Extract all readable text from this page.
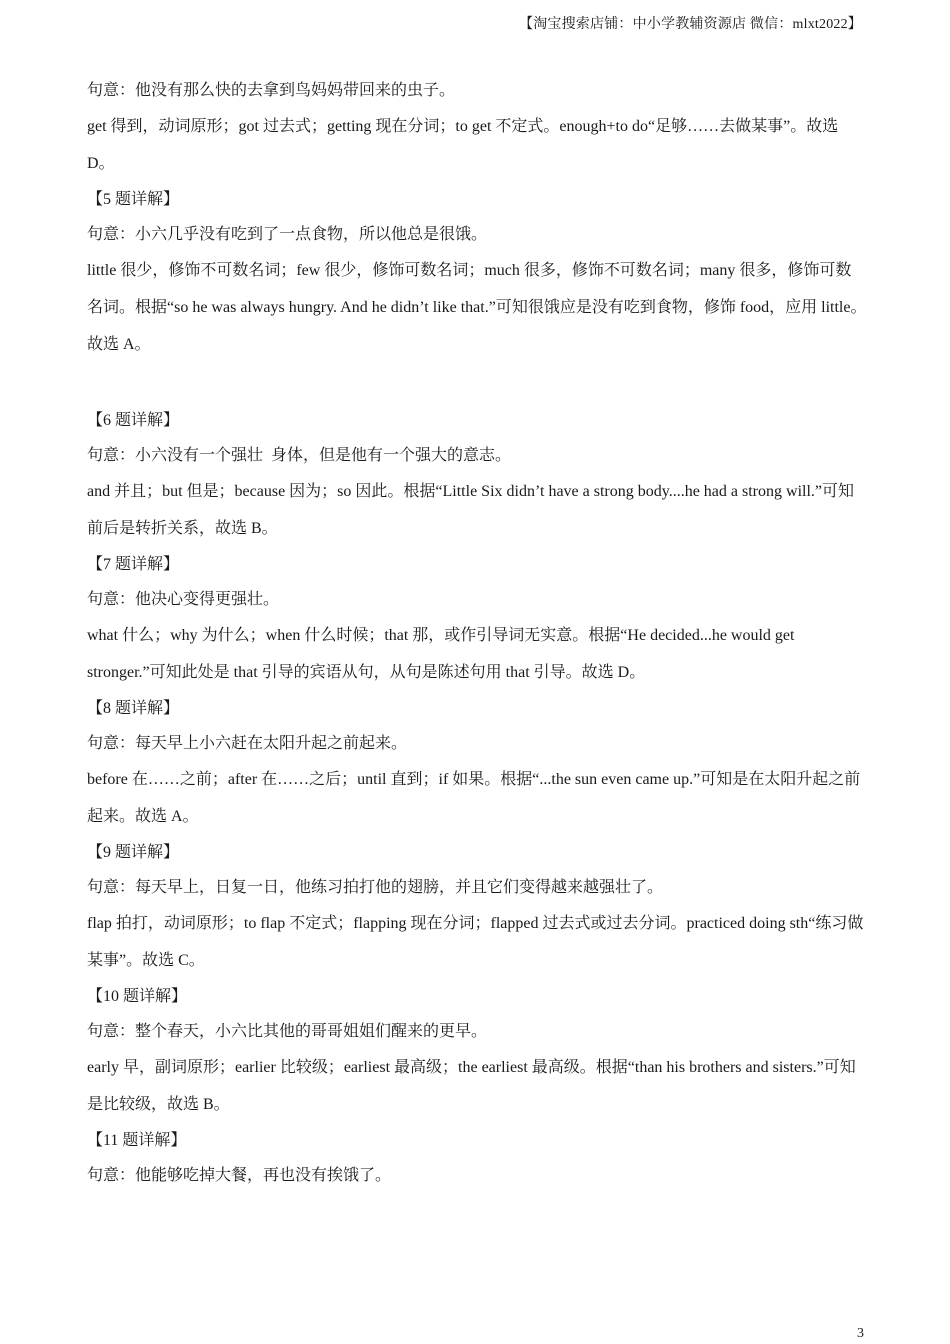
【淘宝搜索店铺：中小学教辅资源店 微信：mlxt2022】

句意：他没有那么快的去拿到鸟妈妈带回来的虫子。

get 得到，动词原形；got 过去式；getting 现在分词；to get 不定式。enough+to do“足够……去做某事”。故选 D。

【5 题详解】

句意：小六几乎没有吃到了一点食物，所以他总是很饿。

little 很少，修饰不可数名词；few 很少，修饰可数名词；much 很多，修饰不可数名词；many 很多，修饰可数名词。根据“so he was always hungry. And he didn’t like that.”可知很饿应是没有吃到食物，修饰 food，应用 little。故选 A。

【6 题详解】

句意：小六没有一个强壮  身体，但是他有一个强大的意志。

and 并且；but 但是；because 因为；so 因此。根据“Little Six didn’t have a strong body....he had a strong will.”可知前后是转折关系，故选 B。

【7 题详解】

句意：他决心变得更强壮。

what 什么；why 为什么；when 什么时候；that 那，或作引导词无实意。根据“He decided...he would get stronger.”可知此处是 that 引导的宾语从句，从句是陈述句用 that 引导。故选 D。

【8 题详解】

句意：每天早上小六赶在太阳升起之前起来。

before 在……之前；after 在……之后；until 直到；if 如果。根据“...the sun even came up.”可知是在太阳升起之前起来。故选 A。

【9 题详解】

句意：每天早上，日复一日，他练习拍打他的翅膀，并且它们变得越来越强壮了。

flap 拍打，动词原形；to flap 不定式；flapping 现在分词；flapped 过去式或过去分词。practiced doing sth“练习做某事”。故选 C。

【10 题详解】

句意：整个春天，小六比其他的哥哥姐姐们醒来的更早。

early 早，副词原形；earlier 比较级；earliest 最高级；the earliest 最高级。根据“than his brothers and sisters.”可知是比较级，故选 B。

【11 题详解】

句意：他能够吃掉大餐，再也没有挨饿了。

3
